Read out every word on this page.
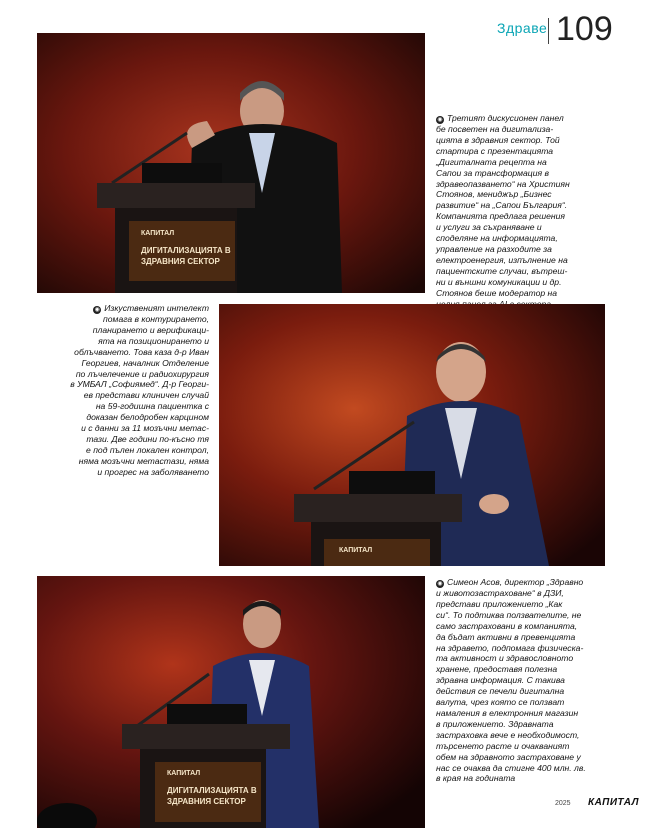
Здраве 109
КАПИТАЛ
ДИГИТАЛИЗАЦИЯТА В
ЗДРАВНИЯ СЕКТОР
◉ Третият дискусионен панел
бе посветен на дигитализа-
цията в здравния сектор. Той
стартира с презентацията
„Дигиталната рецепта на
Сапои за трансформация в
здравеопазването“ на Християн
Стоянов, мениджър „Бизнес
развитие“ на „Сапои България“.
Компанията предлага решения
и услуги за съхраняване и
споделяне на информацията,
управление на разходите за
електроенергия, изпълнение на
пациентските случаи, вътреш-
ни и външни комуникации и др.
Стоянов беше модератор на
КАПИТАЛ
◉ Изкуственият интелект
помага в контурирането,
планирането и верификаци-
ята на позиционирането и
облъчването. Това каза д-р Иван
Георгиев, началник Отделение
по лъчелечение и радиохирургия
в УМБАЛ „Софиямед“. Д-р Георги-
ев представи клиничен случай
на 59-годишна пациентка с
доказан белодробен карцином
и с данни за 11 мозъчни метас-
тази. Две години по-късно тя
е под пълен локален контрол,
няма мозъчни метастази, няма
и прогрес на заболяването
КАПИТАЛ
ДИГИТАЛИЗАЦИЯТА В
ЗДРАВНИЯ СЕКТОР
◉ Симеон Асов, директор „Здравно
и животозастраховане“ в ДЗИ,
представи приложението „Как
си“. То подтиква ползвателите, не
само застраховани в компанията,
да бъдат активни в превенцията
на здравето, подпомага физическа-
та активност и здравословното
хранене, предоставя полезна
здравна информация. С такива
действия се печели дигитална
валута, чрез която се ползват
намаления в електронния магазин
в приложението. Здравната
застраховка вече е необходимост,
търсенето расте и очакваният
обем на здравното застраховане у
нас се очаква да стигне 400 млн. лв.
в края на годината
2025 КАПИТАЛ
